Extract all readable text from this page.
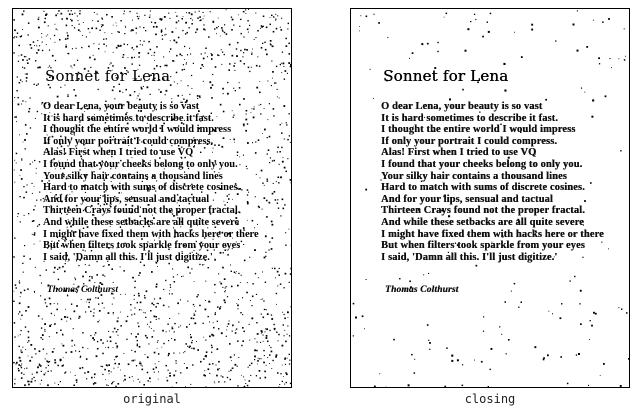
Sonnet for Lena
O dear Lena, your beauty is so vast
It is hard sometimes to describe it fast.
I thought the entire world I would impress
If only your portrait I could compress.
Alas! First when I tried to use VQ
I found that your cheeks belong to only you.
Your silky hair contains a thousand lines
Hard to match with sums of discrete cosines.
And for your lips, sensual and tactual
Thirteen Crays found not the proper fractal.
And while these setbacks are all quite severe
I might have fixed them with hacks here or there
But when filters took sparkle from your eyes
I said, 'Damn all this. I'll just digitize.'
Thomas Colthurst
Sonnet for Lena
O dear Lena, your beauty is so vast
It is hard sometimes to describe it fast.
I thought the entire world I would impress
If only your portrait I could compress.
Alas! First when I tried to use VQ
I found that your cheeks belong to only you.
Your silky hair contains a thousand lines
Hard to match with sums of discrete cosines.
And for your lips, sensual and tactual
Thirteen Crays found not the proper fractal.
And while these setbacks are all quite severe
I might have fixed them with hacks here or there
But when filters took sparkle from your eyes
I said, 'Damn all this. I'll just digitize.'
Thomas Colthurst
original	closing
